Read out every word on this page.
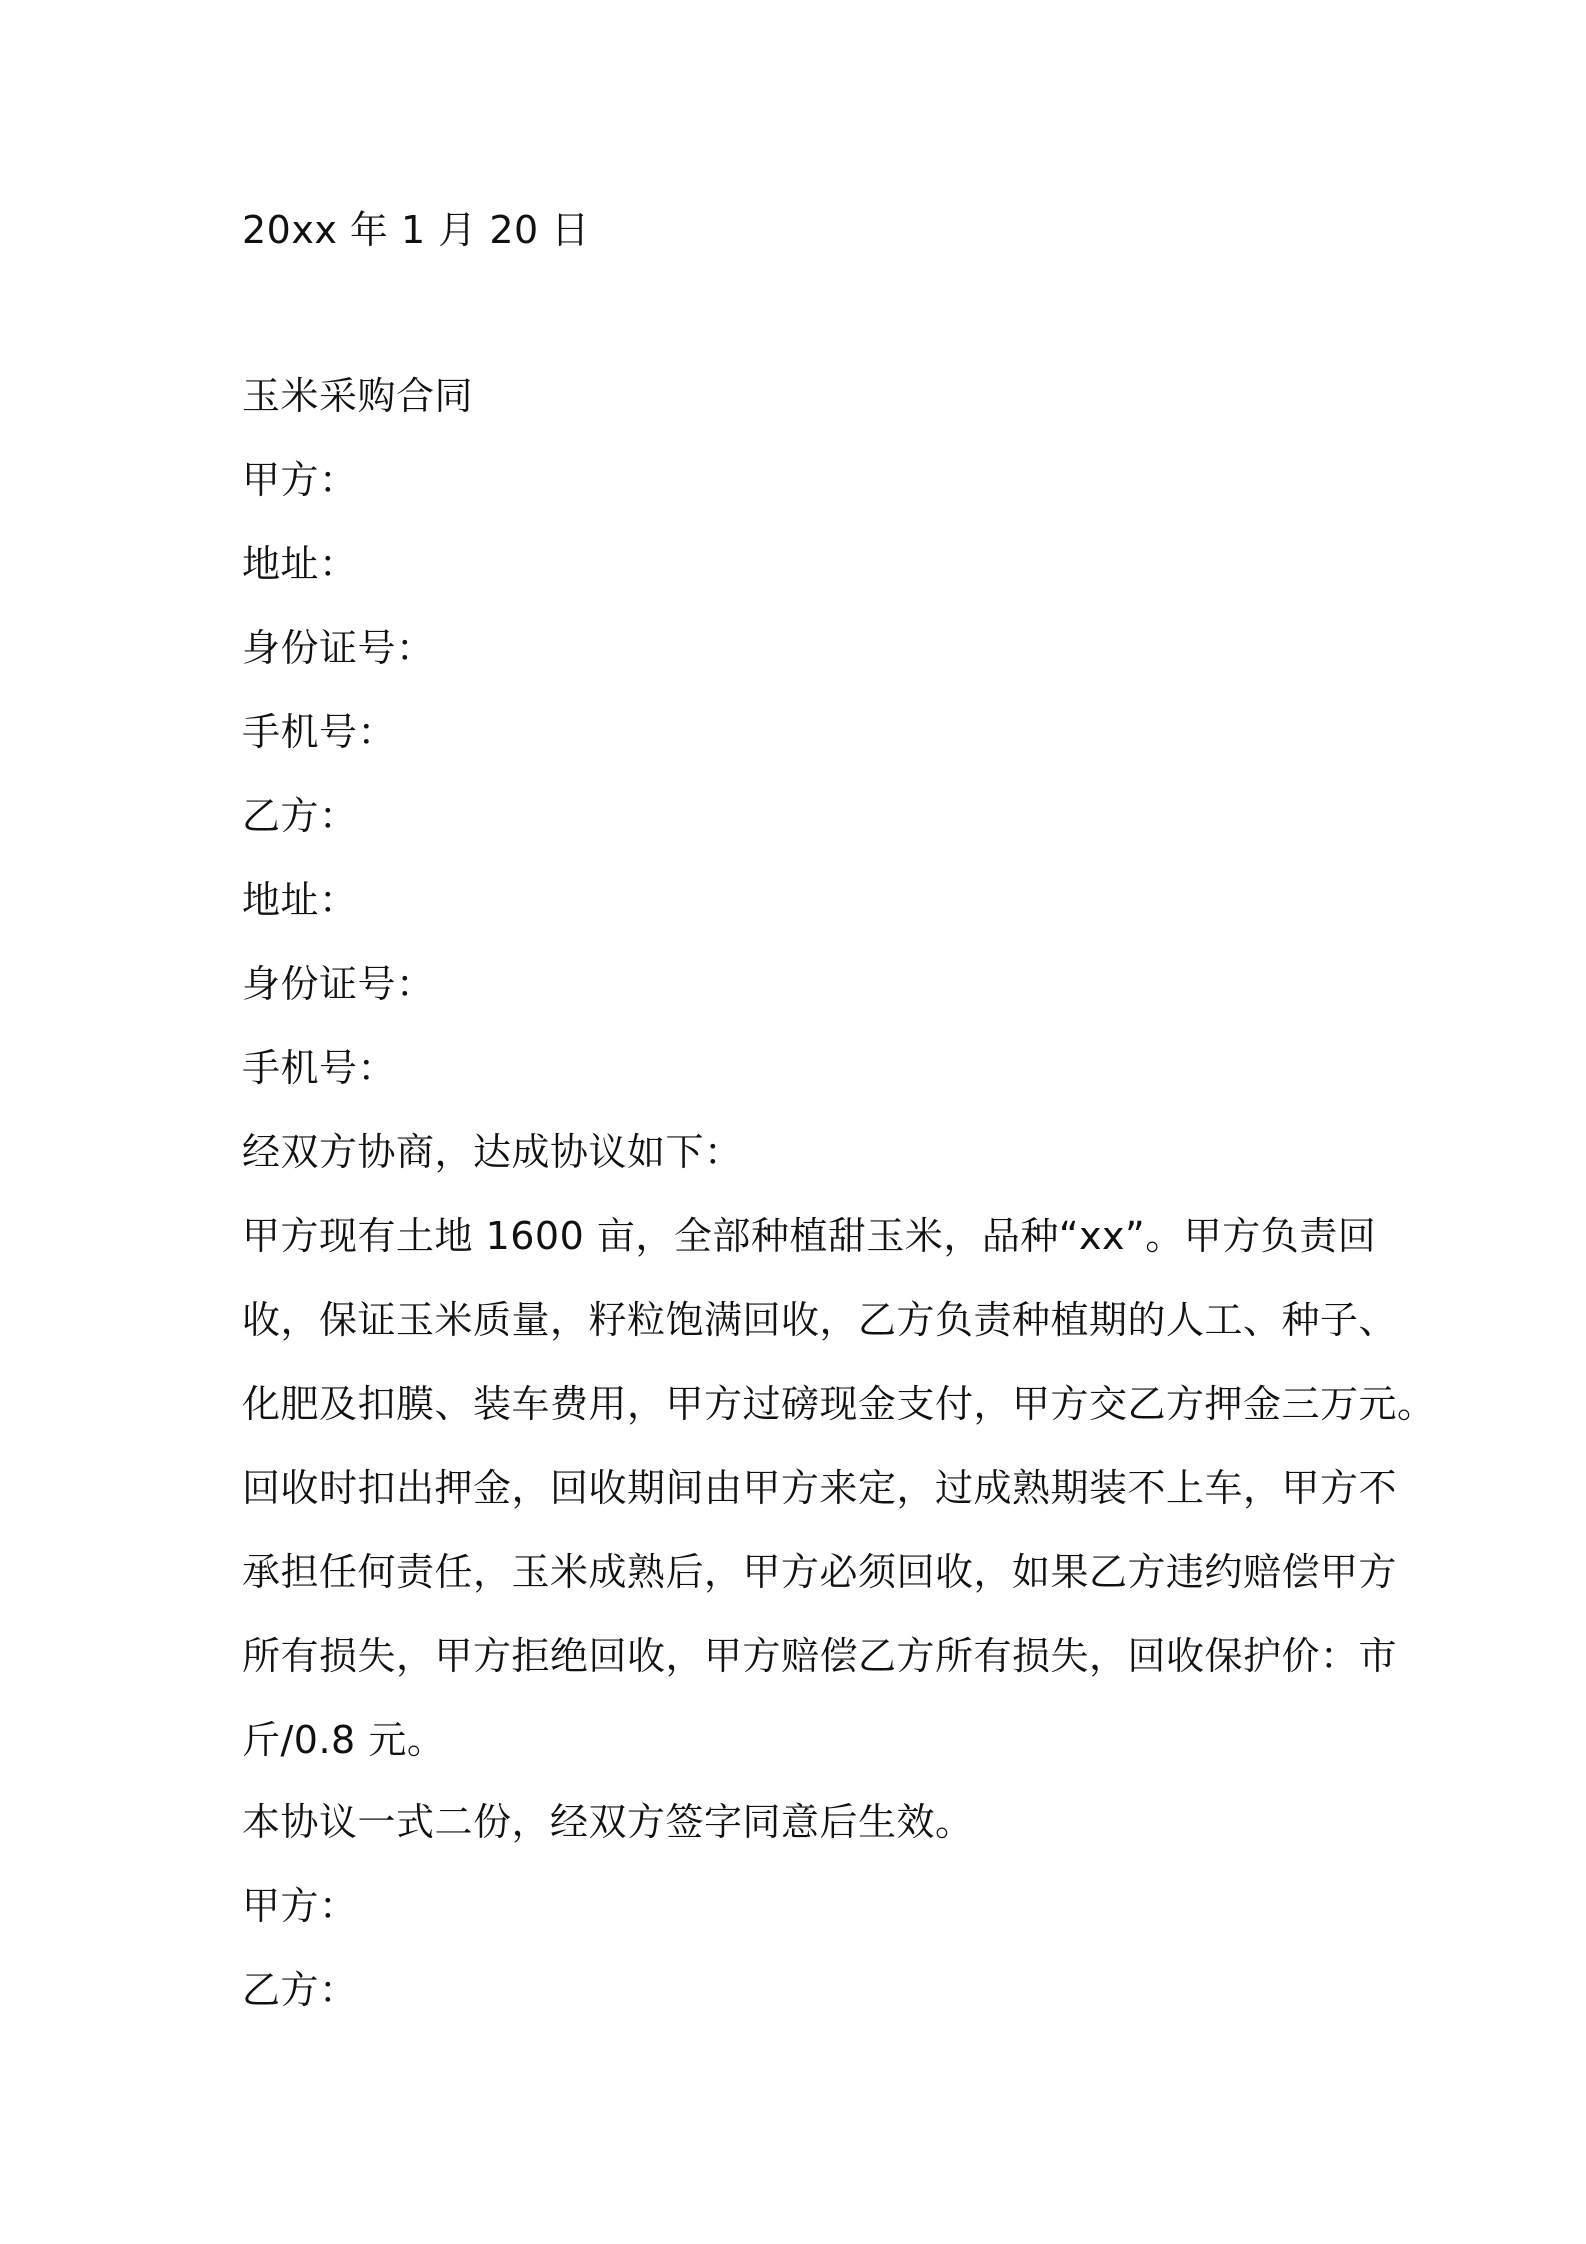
20xx 年 1 月 20 日
玉米采购合同
甲方：
地址：
身份证号：
手机号：
乙方：
地址：
身份证号：
手机号：
经双方协商，达成协议如下：
甲方现有土地 1600 亩，全部种植甜玉米，品种“xx”。甲方负责回
收，保证玉米质量，籽粒饱满回收，乙方负责种植期的人工、种子、
化肥及扣膜、装车费用，甲方过磅现金支付，甲方交乙方押金三万元。
回收时扣出押金，回收期间由甲方来定，过成熟期装不上车，甲方不
承担任何责任，玉米成熟后，甲方必须回收，如果乙方违约赔偿甲方
所有损失，甲方拒绝回收，甲方赔偿乙方所有损失，回收保护价：市
斤/0.8 元。
本协议一式二份，经双方签字同意后生效。
甲方：
乙方：
